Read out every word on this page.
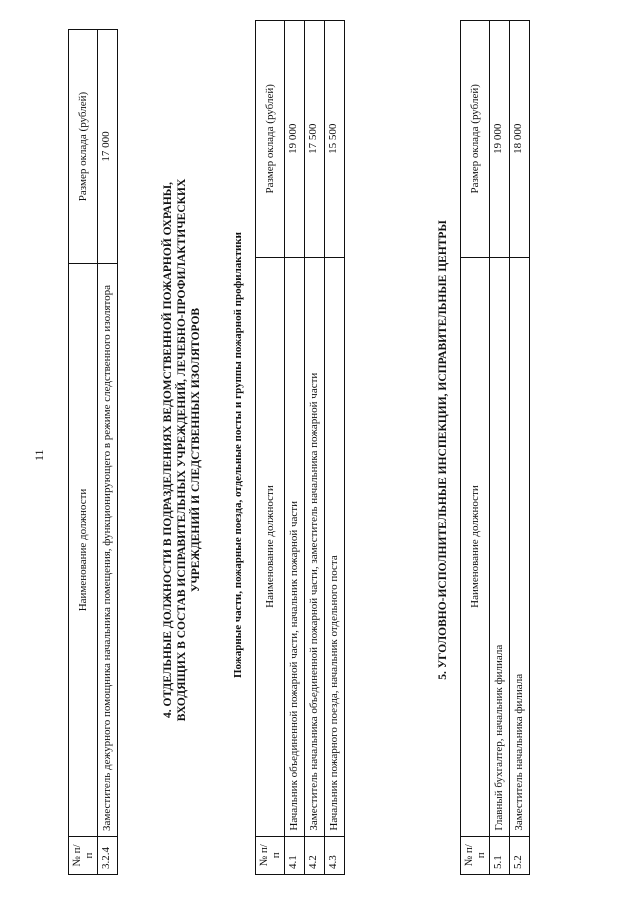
11
№ п/п	Наименование должности	Размер оклада (рублей)
3.2.4	Заместитель дежурного помощника начальника помещения, функционирующего в режиме следственного изолятора	17 000
4. ОТДЕЛЬНЫЕ ДОЛЖНОСТИ В ПОДРАЗДЕЛЕНИЯХ ВЕДОМСТВЕННОЙ ПОЖАРНОЙ ОХРАНЫ, ВХОДЯЩИХ В СОСТАВ ИСПРАВИТЕЛЬНЫХ УЧРЕЖДЕНИЙ, ЛЕЧЕБНО-ПРОФИЛАКТИЧЕСКИХ УЧРЕЖДЕНИЙ И СЛЕДСТВЕННЫХ ИЗОЛЯТОРОВ	Пожарные части, пожарные поезда, отдельные посты и группы пожарной профилактики
№ п/п	Наименование должности	Размер оклада (рублей)
4.1	Начальник объединенной пожарной части, начальник пожарной части	19 000
4.2	Заместитель начальника объединенной пожарной части, заместитель начальника пожарной части	17 500
4.3	Начальник пожарного поезда, начальник отдельного поста	15 500
5. УГОЛОВНО-ИСПОЛНИТЕЛЬНЫЕ ИНСПЕКЦИИ, ИСПРАВИТЕЛЬНЫЕ ЦЕНТРЫ
№ п/п	Наименование должности	Размер оклада (рублей)
5.1	Главный бухгалтер, начальник филиала	19 000
5.2	Заместитель начальника филиала	18 000
